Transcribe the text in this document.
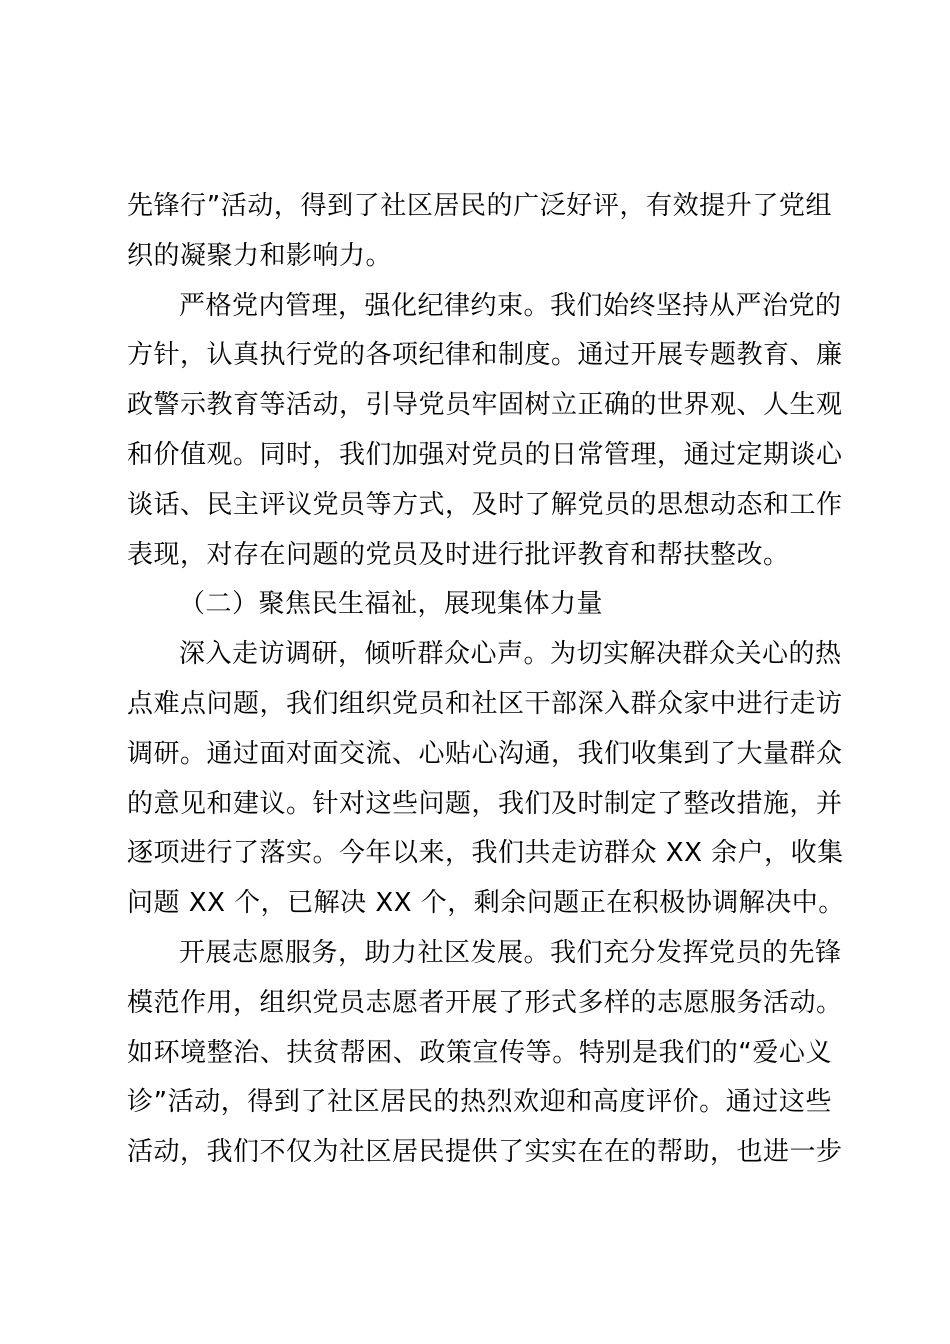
先锋行”活动，得到了社区居民的广泛好评，有效提升了党组
织的凝聚力和影响力。
严格党内管理，强化纪律约束。我们始终坚持从严治党的
方针，认真执行党的各项纪律和制度。通过开展专题教育、廉
政警示教育等活动，引导党员牢固树立正确的世界观、人生观
和价值观。同时，我们加强对党员的日常管理，通过定期谈心
谈话、民主评议党员等方式，及时了解党员的思想动态和工作
表现，对存在问题的党员及时进行批评教育和帮扶整改。
（二）聚焦民生福祉，展现集体力量
深入走访调研，倾听群众心声。为切实解决群众关心的热
点难点问题，我们组织党员和社区干部深入群众家中进行走访
调研。通过面对面交流、心贴心沟通，我们收集到了大量群众
的意见和建议。针对这些问题，我们及时制定了整改措施，并
逐项进行了落实。今年以来，我们共走访群众 XX 余户，收集
问题 XX 个，已解决 XX 个，剩余问题正在积极协调解决中。
开展志愿服务，助力社区发展。我们充分发挥党员的先锋
模范作用，组织党员志愿者开展了形式多样的志愿服务活动。
如环境整治、扶贫帮困、政策宣传等。特别是我们的“爱心义
诊”活动，得到了社区居民的热烈欢迎和高度评价。通过这些
活动，我们不仅为社区居民提供了实实在在的帮助，也进一步
